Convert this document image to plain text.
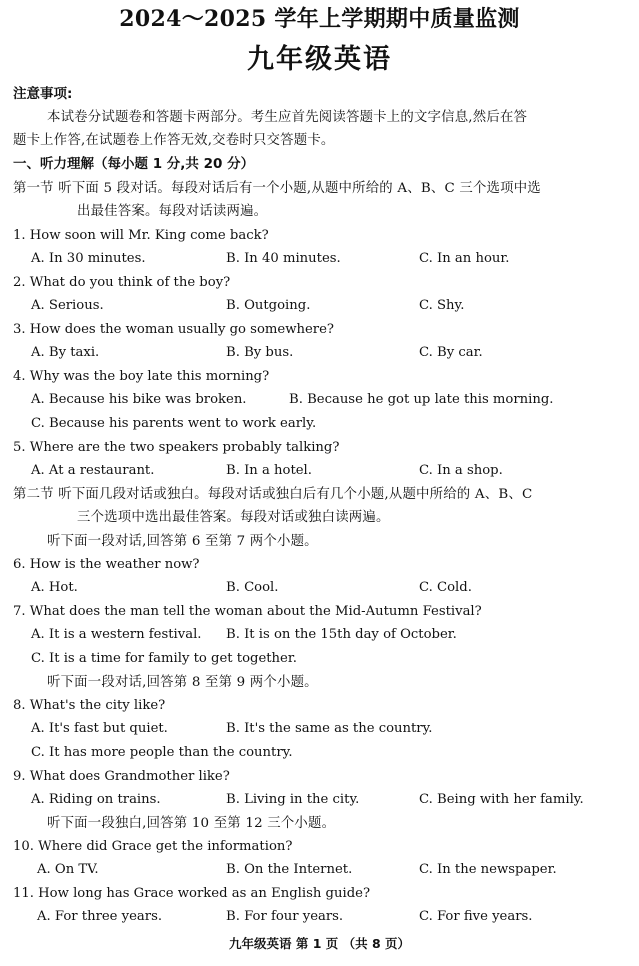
2024～2025 学年上学期期中质量监测
九年级英语
注意事项:
本试卷分试题卷和答题卡两部分。考生应首先阅读答题卡上的文字信息,然后在答
题卡上作答,在试题卷上作答无效,交卷时只交答题卡。
一、听力理解（每小题 1 分,共 20 分）
第一节 听下面 5 段对话。每段对话后有一个小题,从题中所给的 A、B、C 三个选项中选
出最佳答案。每段对话读两遍。
1. How soon will Mr. King come back?
A. In 30 minutes.	B. In 40 minutes.	C. In an hour.
2. What do you think of the boy?
A. Serious.	B. Outgoing.	C. Shy.
3. How does the woman usually go somewhere?
A. By taxi.	B. By bus.	C. By car.
4. Why was the boy late this morning?
A. Because his bike was broken.	B. Because he got up late this morning.
C. Because his parents went to work early.
5. Where are the two speakers probably talking?
A. At a restaurant.	B. In a hotel.	C. In a shop.
第二节 听下面几段对话或独白。每段对话或独白后有几个小题,从题中所给的 A、B、C
三个选项中选出最佳答案。每段对话或独白读两遍。
听下面一段对话,回答第 6 至第 7 两个小题。
6. How is the weather now?
A. Hot.	B. Cool.	C. Cold.
7. What does the man tell the woman about the Mid-Autumn Festival?
A. It is a western festival. B. It is on the 15th day of October.
C. It is a time for family to get together.
听下面一段对话,回答第 8 至第 9 两个小题。
8. What's the city like?
A. It's fast but quiet.	B. It's the same as the country.
C. It has more people than the country.
9. What does Grandmother like?
A. Riding on trains.	B. Living in the city.	C. Being with her family.
听下面一段独白,回答第 10 至第 12 三个小题。
10. Where did Grace get the information?
A. On TV.	B. On the Internet.	C. In the newspaper.
11. How long has Grace worked as an English guide?
A. For three years.	B. For four years.	C. For five years.
九年级英语 第 1 页 （共 8 页）
